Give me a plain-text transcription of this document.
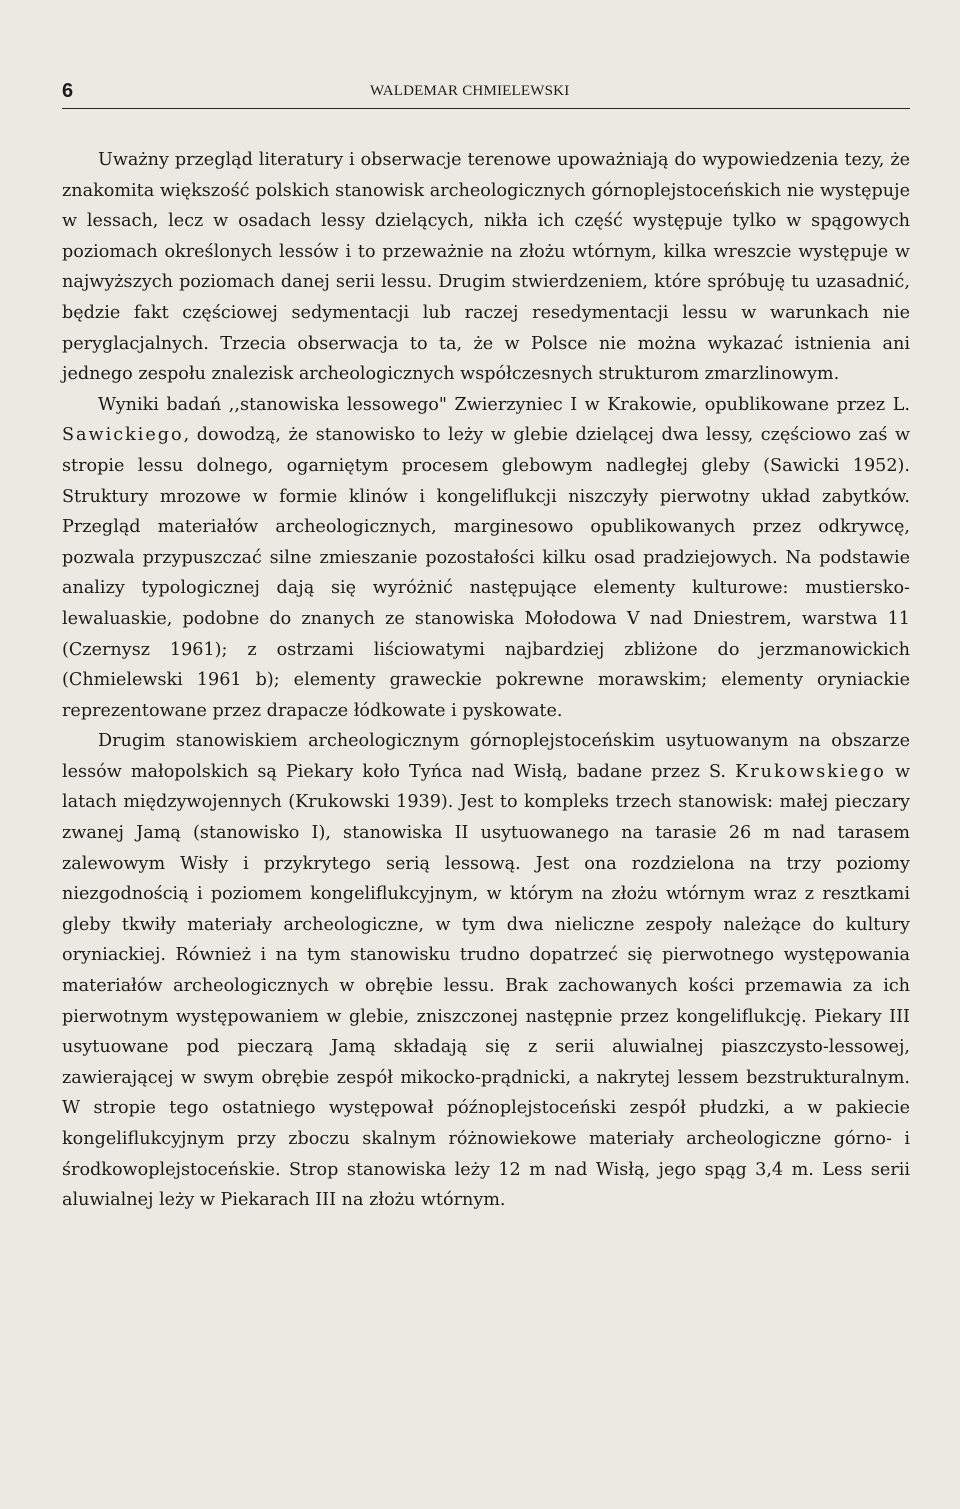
6	WALDEMAR CHMIELEWSKI

Uważny przegląd literatury i obserwacje terenowe upoważniają do wypowiedzenia tezy, że znakomita większość polskich stanowisk archeologicznych górnoplejstoceńskich nie występuje w lessach, lecz w osadach lessy dzielących, nikła ich część występuje tylko w spągowych poziomach określonych lessów i to przeważnie na złożu wtórnym, kilka wreszcie występuje w najwyższych poziomach danej serii lessu. Drugim stwierdzeniem, które spróbuję tu uzasadnić, będzie fakt częściowej sedymentacji lub raczej resedymentacji lessu w warunkach nie peryglacjalnych. Trzecia obserwacja to ta, że w Polsce nie można wykazać istnienia ani jednego zespołu znalezisk archeologicznych współczesnych strukturom zmarzlinowym.

Wyniki badań ,,stanowiska lessowego" Zwierzyniec I w Krakowie, opublikowane przez L. Sawickiego, dowodzą, że stanowisko to leży w glebie dzielącej dwa lessy, częściowo zaś w stropie lessu dolnego, ogarniętym procesem glebowym nadległej gleby (Sawicki 1952). Struktury mrozowe w formie klinów i kongeliflukcji niszczyły pierwotny układ zabytków. Przegląd materiałów archeologicznych, marginesowo opublikowanych przez odkrywcę, pozwala przypuszczać silne zmieszanie pozostałości kilku osad pradziejowych. Na podstawie analizy typologicznej dają się wyróżnić następujące elementy kulturowe: mustiersko-lewaluaskie, podobne do znanych ze stanowiska Mołodowa V nad Dniestrem, warstwa 11 (Czernysz 1961); z ostrzami liściowatymi najbardziej zbliżone do jerzmanowickich (Chmielewski 1961 b); elementy graweckie pokrewne morawskim; elementy oryniackie reprezentowane przez drapacze łódkowate i pyskowate.

Drugim stanowiskiem archeologicznym górnoplejstoceńskim usytuowanym na obszarze lessów małopolskich są Piekary koło Tyńca nad Wisłą, badane przez S. Krukowskiego w latach międzywojennych (Krukowski 1939). Jest to kompleks trzech stanowisk: małej pieczary zwanej Jamą (stanowisko I), stanowiska II usytuowanego na tarasie 26 m nad tarasem zalewowym Wisły i przykrytego serią lessową. Jest ona rozdzielona na trzy poziomy niezgodnością i poziomem kongeliflukcyjnym, w którym na złożu wtórnym wraz z resztkami gleby tkwiły materiały archeologiczne, w tym dwa nieliczne zespoły należące do kultury oryniackiej. Również i na tym stanowisku trudno dopatrzeć się pierwotnego występowania materiałów archeologicznych w obrębie lessu. Brak zachowanych kości przemawia za ich pierwotnym występowaniem w glebie, zniszczonej następnie przez kongeliflukcję. Piekary III usytuowane pod pieczarą Jamą składają się z serii aluwialnej piaszczysto-lessowej, zawierającej w swym obrębie zespół mikocko-prądnicki, a nakrytej lessem bezstrukturalnym. W stropie tego ostatniego występował późnoplejstoceński zespół płudzki, a w pakiecie kongeliflukcyjnym przy zboczu skalnym różnowiekowe materiały archeologiczne górno- i środkowoplejstoceńskie. Strop stanowiska leży 12 m nad Wisłą, jego spąg 3,4 m. Less serii aluwialnej leży w Piekarach III na złożu wtórnym.
